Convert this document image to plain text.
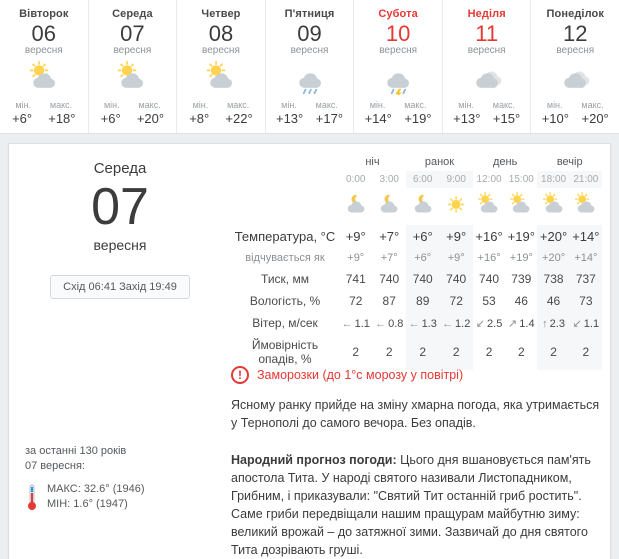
Вівторок
06
вересня
мін. макс.
+6° +18°
Середа
07
вересня
мін. макс.
+6° +20°
Четвер
08
вересня
мін. макс.
+8° +22°
П'ятниця
09
вересня
мін. макс.
+13° +17°
Субота
10
вересня
мін. макс.
+14° +19°
Неділя
11
вересня
мін. макс.
+13° +15°
Понеділок
12
вересня
мін. макс.
+10° +20°
Середа
07
вересня
Схід 06:41 Захід 19:49
за останні 130 років
07 вересня:
МАКС: 32.6° (1946)
МІН: 1.6° (1947)
	ніч		ранок		день		вечір	
	0:00	3:00	6:00	9:00	12:00	15:00	18:00	21:00

Температура, °C	+9°	+7°	+6°	+9°	+16°	+19°	+20°	+14°
відчувається як	+9°	+7°	+6°	+9°	+16°	+19°	+20°	+14°
Тиск, мм	741	740	740	740	740	739	738	737
Вологість, %	72	87	89	72	53	46	46	73
Вітер, м/сек	← 1.1	← 0.8	← 1.3	← 1.2	↙ 2.5	↗ 1.4	↑ 2.3	↙ 1.1
Ймовірність
опадів, %	2	2	2	2	2	2	2	2
!	Заморозки (до 1°с морозу у повітрі)
Ясному ранку прийде на зміну хмарна погода, яка утримається у Тернополі до самого вечора. Без опадів.
Народний прогноз погоди: Цього дня вшановується пам'ять апостола Тита. У народі святого називали Листопадником, Грибним, і приказували: "Святий Тит останній гриб ростить". Саме гриби передвіщали нашим пращурам майбутню зиму: великий врожай – до затяжної зими. Зазвичай до дня святого Тита дозрівають груші.
